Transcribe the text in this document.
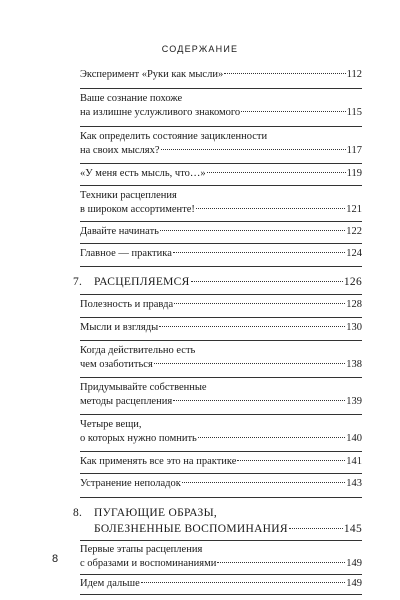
СОДЕРЖАНИЕ
Эксперимент «Руки как мысли»	112
Ваше сознание похоже
на излишне услужливого знакомого	115
Как определить состояние зацикленности
на своих мыслях?	117
«У меня есть мысль, что…»	119
Техники расцепления
в широком ассортименте!	121
Давайте начинать	122
Главное — практика	124
7. РАСЦЕПЛЯЕМСЯ	126
Полезность и правда	128
Мысли и взгляды	130
Когда действительно есть
чем озаботиться	138
Придумывайте собственные
методы расцепления	139
Четыре вещи,
о которых нужно помнить	140
Как применять все это на практике	141
Устранение неполадок	143
8.	ПУГАЮЩИЕ ОБРАЗЫ,
БОЛЕЗНЕННЫЕ ВОСПОМИНАНИЯ	145
Первые этапы расцепления
8 с образами и воспоминаниями	149
Идем дальше	149
